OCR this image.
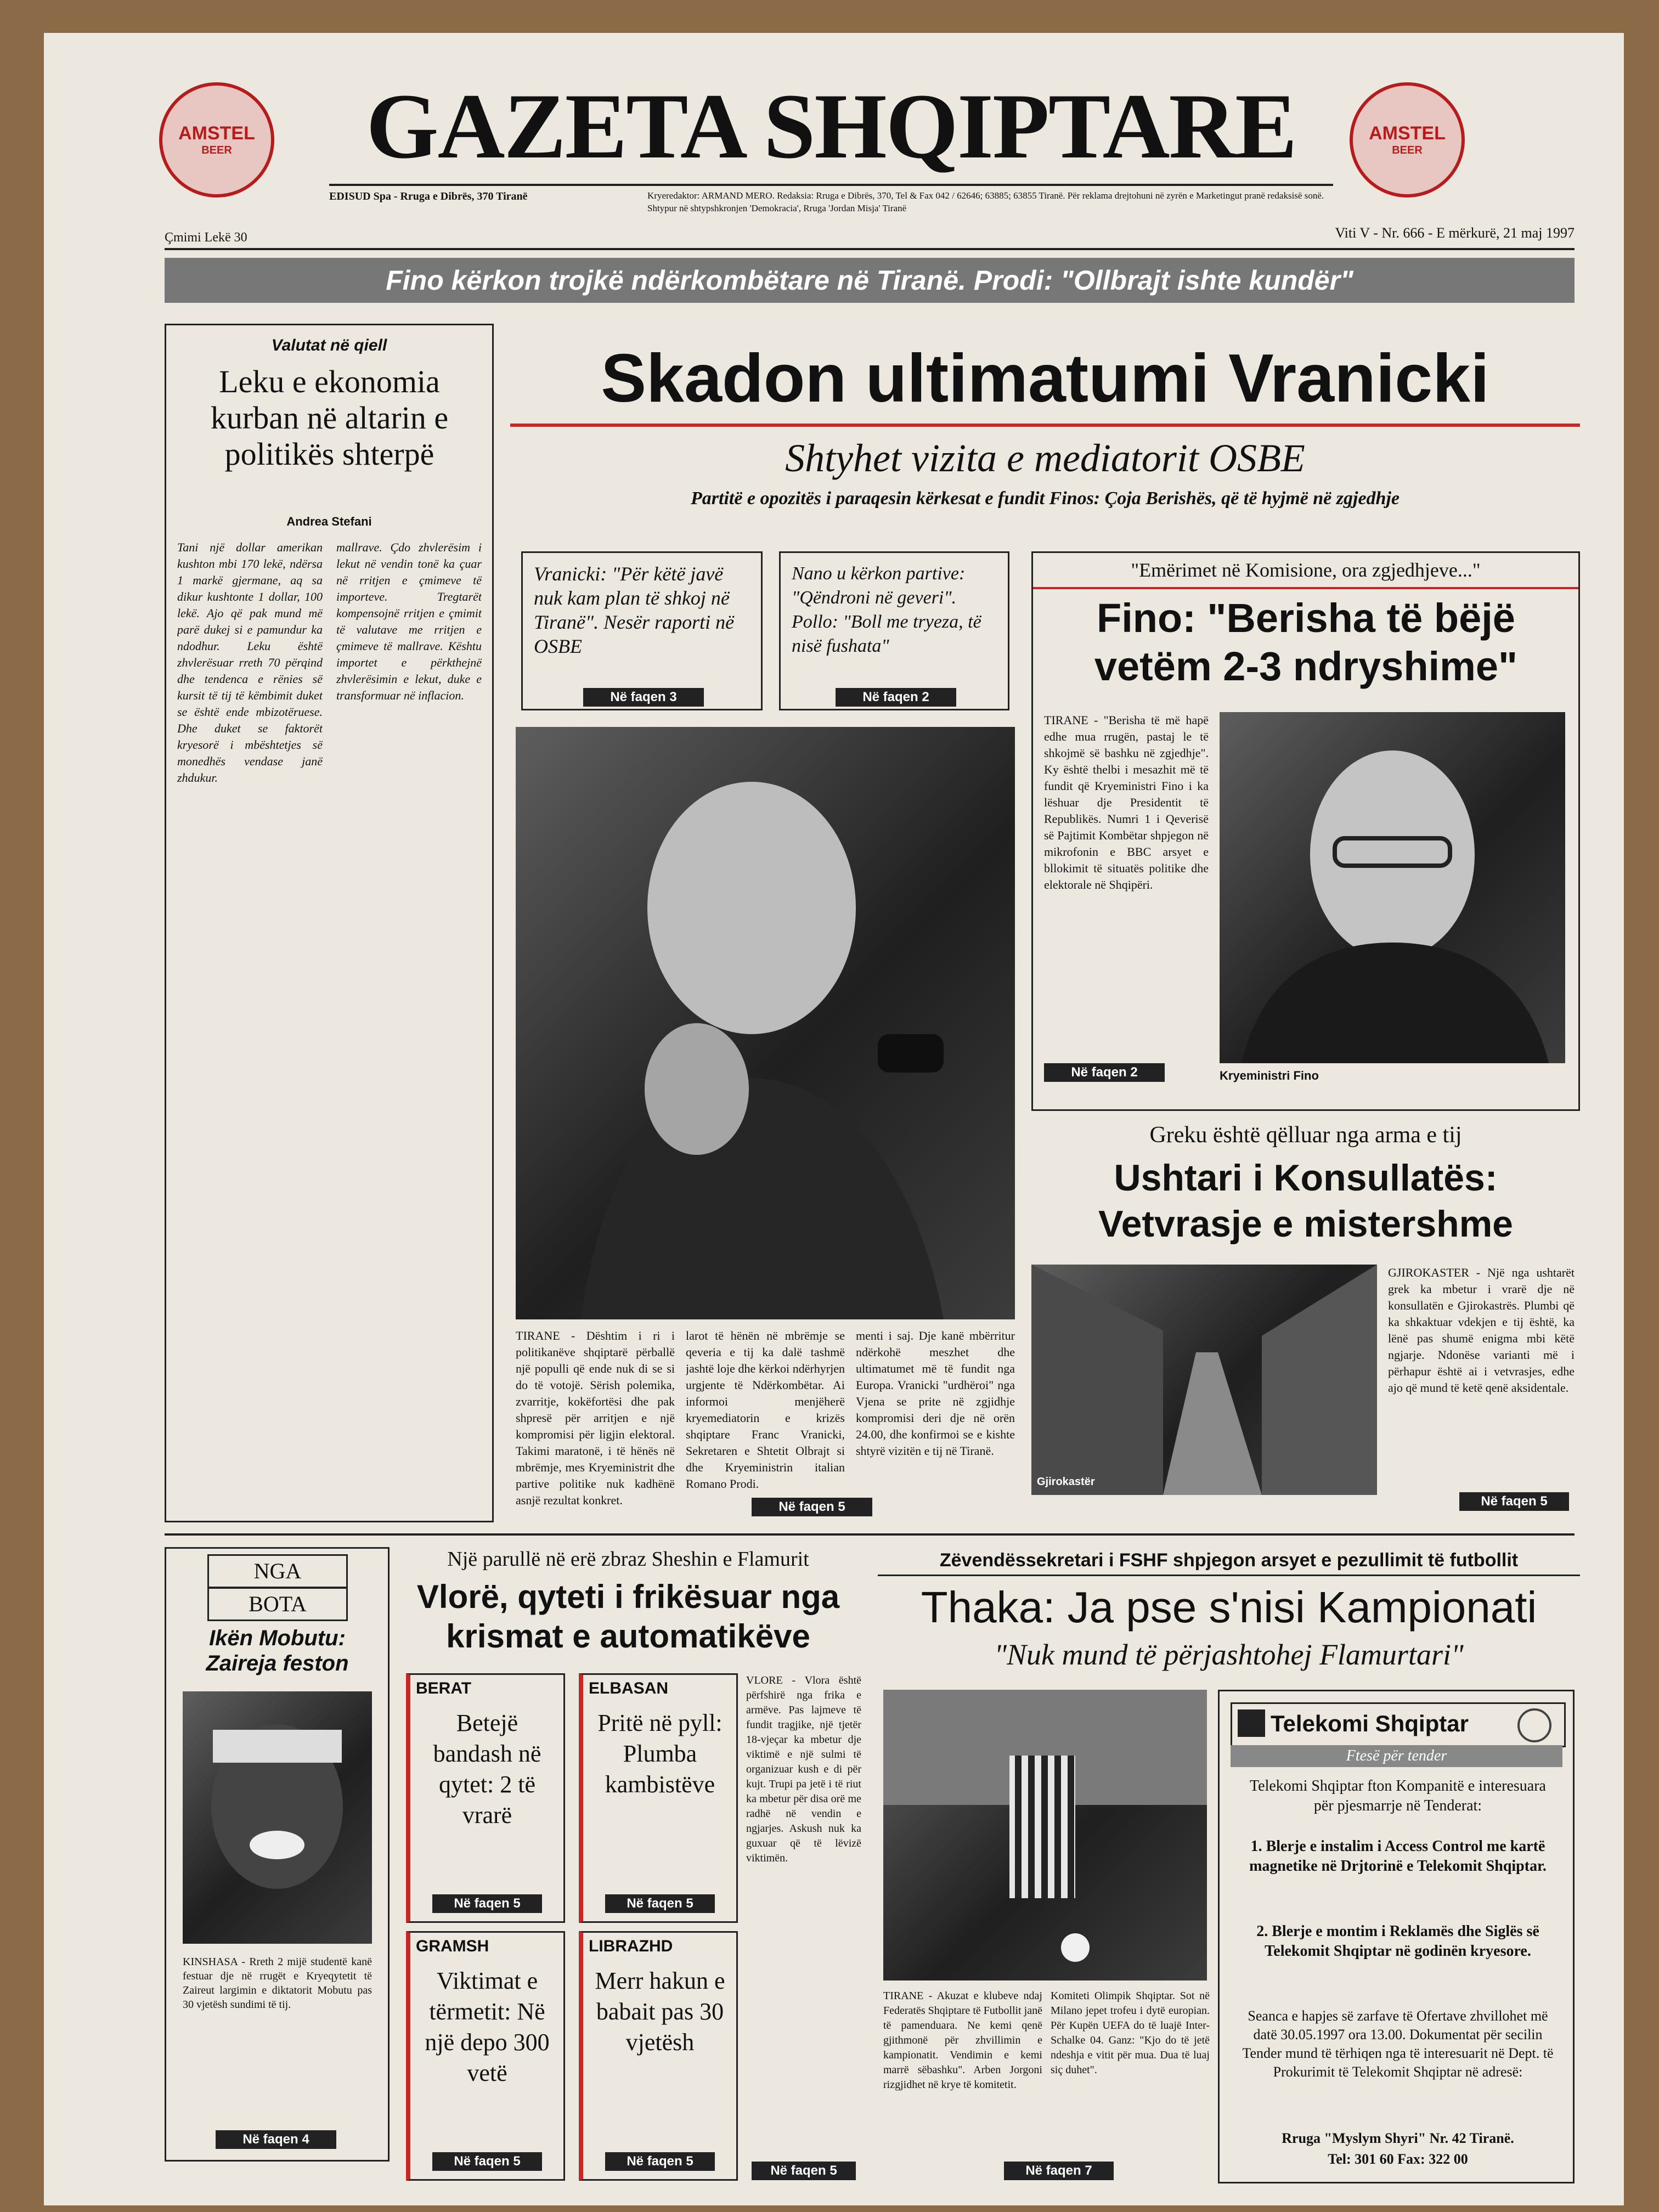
AMSTEL
BEER
AMSTEL
BEER
GAZETA SHQIPTARE
EDISUD Spa - Rruga e Dibrës, 370 Tiranë	Kryeredaktor: ARMAND MERO. Redaksia: Rruga e Dibrës, 370, Tel & Fax 042 / 62646; 63885; 63855 Tiranë. Për reklama drejtohuni në zyrën e Marketingut pranë redaksisë sonë. Shtypur në shtypshkronjen 'Demokracia', Rruga 'Jordan Misja' Tiranë
Çmimi Lekë 30	Viti V - Nr. 666 - E mërkurë, 21 maj 1997
Fino kërkon trojkë ndërkombëtare në Tiranë. Prodi: "Ollbrajt ishte kundër"
Valutat në qiell
Leku e ekonomia kurban në altarin e politikës shterpë
Andrea Stefani
Tani një dollar amerikan kushton mbi 170 lekë, ndërsa 1 markë gjermane, aq sa dikur kushtonte 1 dollar, 100 lekë. Ajo që pak mund më parë dukej si e pamundur ka ndodhur. Leku është zhvlerësuar rreth 70 përqind dhe tendenca e rënies së kursit të tij të këmbimit duket se është ende mbizotëruese. Dhe duket se faktorët kryesorë i mbështetjes së monedhës vendase janë zhdukur.
mallrave. Çdo zhvlerësim i lekut në vendin tonë ka çuar në rritjen e çmimeve të importeve. Tregtarët kompensojnë rritjen e çmimit të valutave me rritjen e çmimeve të mallrave. Kështu importet e përkthejnë zhvlerësimin e lekut, duke e transformuar në inflacion.
Skadon ultimatumi Vranicki
Shtyhet vizita e mediatorit OSBE
Partitë e opozitës i paraqesin kërkesat e fundit Finos: Çoja Berishës, që të hyjmë në zgjedhje
Vranicki: "Për këtë javë nuk kam plan të shkoj në Tiranë". Nesër raporti në OSBE
Në faqen 3
Nano u kërkon partive: "Qëndroni në geveri". Pollo: "Boll me tryeza, të nisë fushata"
Në faqen 2
TIRANE - Dështim i ri i politikanëve shqiptarë përballë një populli që ende nuk di se si do të votojë. Sërish polemika, zvarritje, kokëfortësi dhe pak shpresë për arritjen e një kompromisi për ligjin elektoral. Takimi maratonë, i të hënës në mbrëmje, mes Kryeministrit dhe partive politike nuk kadhënë asnjë rezultat konkret.
larot të hënën në mbrëmje se qeveria e tij ka dalë tashmë jashtë loje dhe kërkoi ndërhyrjen urgjente të Ndërkombëtar. Ai informoi menjëherë kryemediatorin e krizës shqiptare Franc Vranicki, Sekretaren e Shtetit Olbrajt si dhe Kryeministrin italian Romano Prodi.
menti i saj. Dje kanë mbërritur ndërkohë meszhet dhe ultimatumet më të fundit nga Europa. Vranicki "urdhëroi" nga Vjena se prite në zgjidhje kompromisi deri dje në orën 24.00, dhe konfirmoi se e kishte shtyrë vizitën e tij në Tiranë.
Në faqen 5
"Emërimet në Komisione, ora zgjedhjeve..."
Fino: "Berisha të bëjë vetëm 2-3 ndryshime"
TIRANE - "Berisha të më hapë edhe mua rrugën, pastaj le të shkojmë së bashku në zgjedhje". Ky është thelbi i mesazhit më të fundit që Kryeministri Fino i ka lëshuar dje Presidentit të Republikës. Numri 1 i Qeverisë së Pajtimit Kombëtar shpjegon në mikrofonin e BBC arsyet e bllokimit të situatës politike dhe elektorale në Shqipëri.
Në faqen 2	Kryeministri Fino
Greku është qëlluar nga arma e tij
Ushtari i Konsullatës: Vetvrasje e mistershme
Gjirokastër
GJIROKASTER - Një nga ushtarët grek ka mbetur i vrarë dje në konsullatën e Gjirokastrës. Plumbi që ka shkaktuar vdekjen e tij është, ka lënë pas shumë enigma mbi këtë ngjarje. Ndonëse varianti më i përhapur është ai i vetvrasjes, edhe ajo që mund të ketë qenë aksidentale.
Në faqen 5
NGA
BOTA
Ikën Mobutu: Zaireja feston
KINSHASA - Rreth 2 mijë studentë kanë festuar dje në rrugët e Kryeqytetit të Zaireut largimin e diktatorit Mobutu pas 30 vjetësh sundimi të tij.
Në faqen 4
Një parullë në erë zbraz Sheshin e Flamurit
Vlorë, qyteti i frikësuar nga krismat e automatikëve
BERAT
Betejë bandash në qytet: 2 të vrarë
Në faqen 5
ELBASAN
Pritë në pyll: Plumba kambistëve
Në faqen 5
GRAMSH
Viktimat e tërmetit: Në një depo 300 vetë
Në faqen 5
LIBRAZHD
Merr hakun e babait pas 30 vjetësh
Në faqen 5
VLORE - Vlora është përfshirë nga frika e armëve. Pas lajmeve të fundit tragjike, një tjetër 18-vjeçar ka mbetur dje viktimë e një sulmi të organizuar kush e di për kujt. Trupi pa jetë i të riut ka mbetur për disa orë me radhë në vendin e ngjarjes. Askush nuk ka guxuar që të lëvizë viktimën.
Në faqen 5
Zëvendëssekretari i FSHF shpjegon arsyet e pezullimit të futbollit
Thaka: Ja pse s'nisi Kampionati
"Nuk mund të përjashtohej Flamurtari"
TIRANE - Akuzat e klubeve ndaj Federatës Shqiptare të Futbollit janë të pamenduara. Ne kemi qenë gjithmonë për zhvillimin e kampionatit. Vendimin e kemi marrë sëbashku". Arben Jorgoni rizgjidhet në krye të komitetit.
Komiteti Olimpik Shqiptar. Sot në Milano jepet trofeu i dytë europian. Për Kupën UEFA do të luajë Inter-Schalke 04. Ganz: "Kjo do të jetë ndeshja e vitit për mua. Dua të luaj siç duhet".
Në faqen 7
Telekomi Shqiptar
Ftesë për tender
Telekomi Shqiptar fton Kompanitë e interesuara për pjesmarrje në Tenderat:
1. Blerje e instalim i Access Control me kartë magnetike në Drjtorinë e Telekomit Shqiptar.
2. Blerje e montim i Reklamës dhe Siglës së Telekomit Shqiptar në godinën kryesore.
Seanca e hapjes së zarfave të Ofertave zhvillohet më datë 30.05.1997 ora 13.00. Dokumentat për secilin Tender mund të tërhiqen nga të interesuarit në Dept. të Prokurimit të Telekomit Shqiptar në adresë:
Rruga "Myslym Shyri" Nr. 42 Tiranë.
Tel: 301 60 Fax: 322 00
